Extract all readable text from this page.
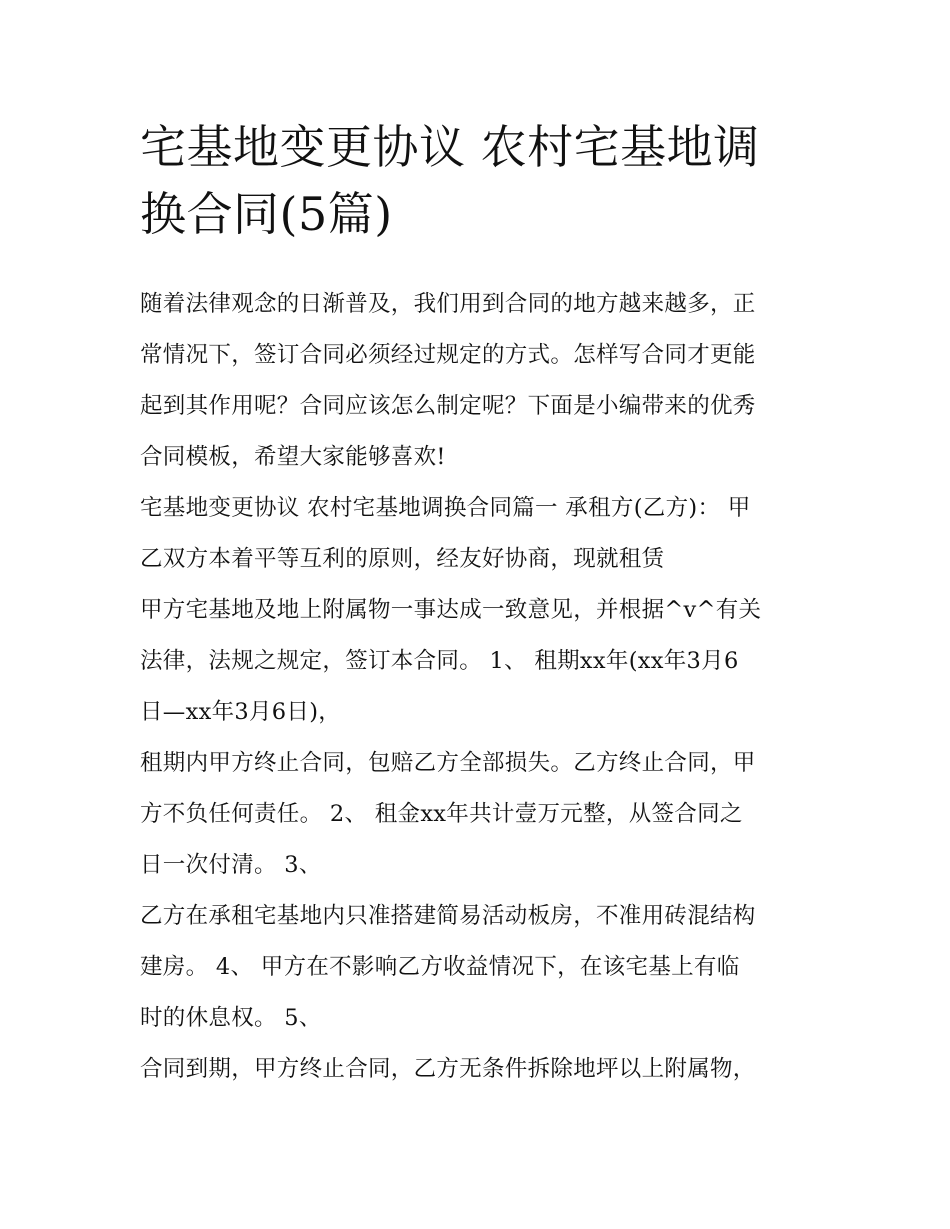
宅基地变更协议 农村宅基地调
换合同(5篇)
随着法律观念的日渐普及，我们用到合同的地方越来越多，正
常情况下，签订合同必须经过规定的方式。怎样写合同才更能
起到其作用呢？合同应该怎么制定呢？下面是小编带来的优秀
合同模板，希望大家能够喜欢!
宅基地变更协议 农村宅基地调换合同篇一 承租方(乙方)： 甲
乙双方本着平等互利的原则，经友好协商，现就租赁
甲方宅基地及地上附属物一事达成一致意见，并根据^v^有关
法律，法规之规定，签订本合同。 1、 租期xx年(xx年3月6
日—xx年3月6日)，
租期内甲方终止合同，包赔乙方全部损失。乙方终止合同，甲
方不负任何责任。 2、 租金xx年共计壹万元整，从签合同之
日一次付清。 3、
乙方在承租宅基地内只准搭建简易活动板房，不准用砖混结构
建房。 4、 甲方在不影响乙方收益情况下，在该宅基上有临
时的休息权。 5、
合同到期，甲方终止合同，乙方无条件拆除地坪以上附属物，
